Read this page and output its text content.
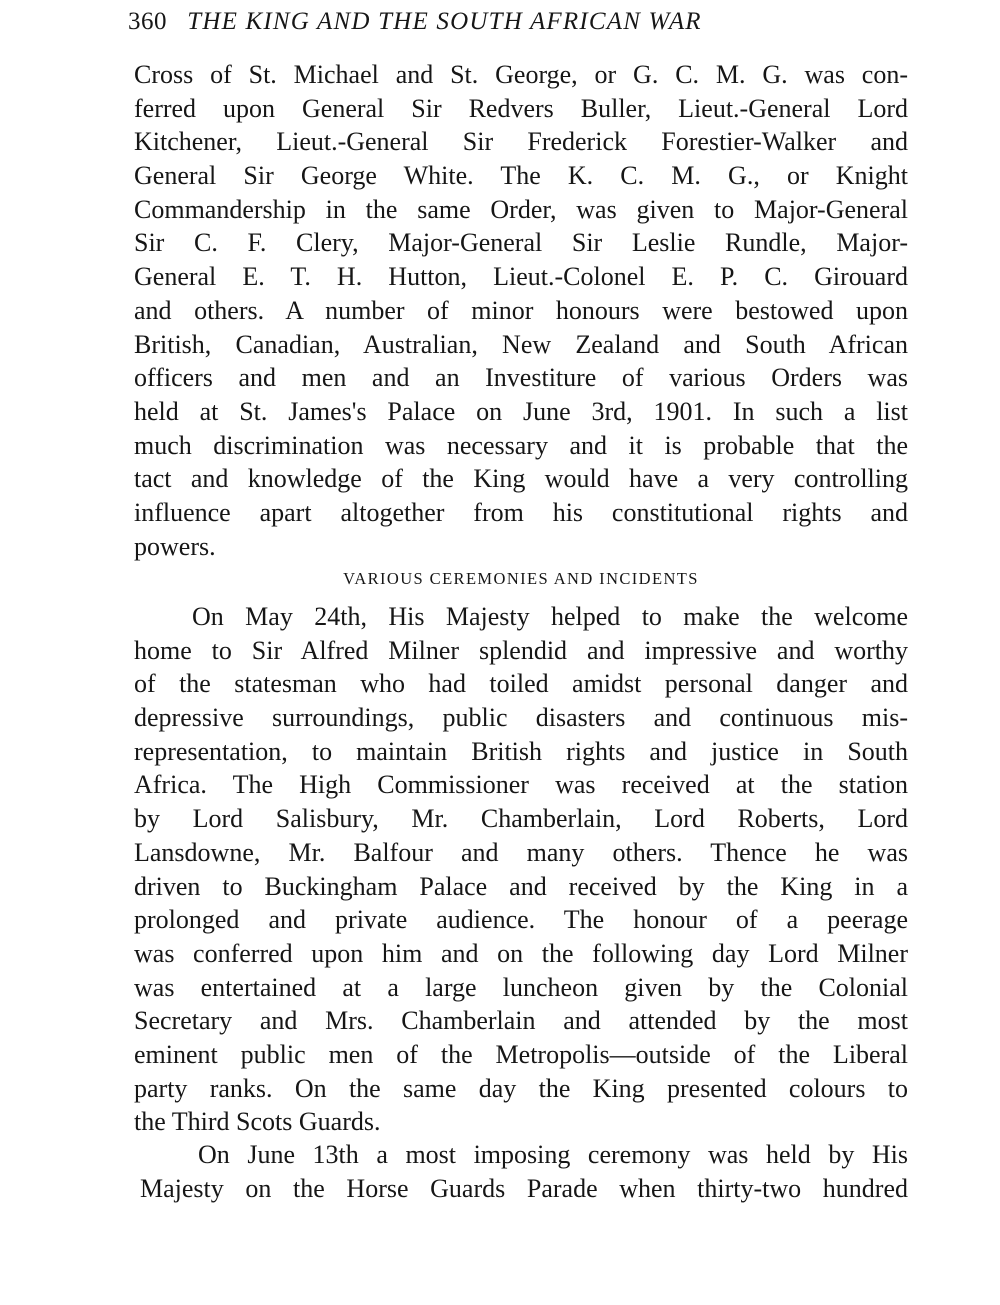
360 THE KING AND THE SOUTH AFRICAN WAR
Cross of St. Michael and St. George, or G. C. M. G. was con-
ferred upon General Sir Redvers Buller, Lieut.-General Lord
Kitchener, Lieut.-General Sir Frederick Forestier-Walker and
General Sir George White. The K. C. M. G., or Knight
Commandership in the same Order, was given to Major-General
Sir C. F. Clery, Major-General Sir Leslie Rundle, Major-
General E. T. H. Hutton, Lieut.-Colonel E. P. C. Girouard
and others. A number of minor honours were bestowed upon
British, Canadian, Australian, New Zealand and South African
officers and men and an Investiture of various Orders was
held at St. James's Palace on June 3rd, 1901. In such a list
much discrimination was necessary and it is probable that the
tact and knowledge of the King would have a very controlling
influence apart altogether from his constitutional rights and
powers.
VARIOUS CEREMONIES AND INCIDENTS
On May 24th, His Majesty helped to make the welcome
home to Sir Alfred Milner splendid and impressive and worthy
of the statesman who had toiled amidst personal danger and
depressive surroundings, public disasters and continuous mis-
representation, to maintain British rights and justice in South
Africa. The High Commissioner was received at the station
by Lord Salisbury, Mr. Chamberlain, Lord Roberts, Lord
Lansdowne, Mr. Balfour and many others. Thence he was
driven to Buckingham Palace and received by the King in a
prolonged and private audience. The honour of a peerage
was conferred upon him and on the following day Lord Milner
was entertained at a large luncheon given by the Colonial
Secretary and Mrs. Chamberlain and attended by the most
eminent public men of the Metropolis—outside of the Liberal
party ranks. On the same day the King presented colours to
the Third Scots Guards.
On June 13th a most imposing ceremony was held by His
Majesty on the Horse Guards Parade when thirty-two hundred
